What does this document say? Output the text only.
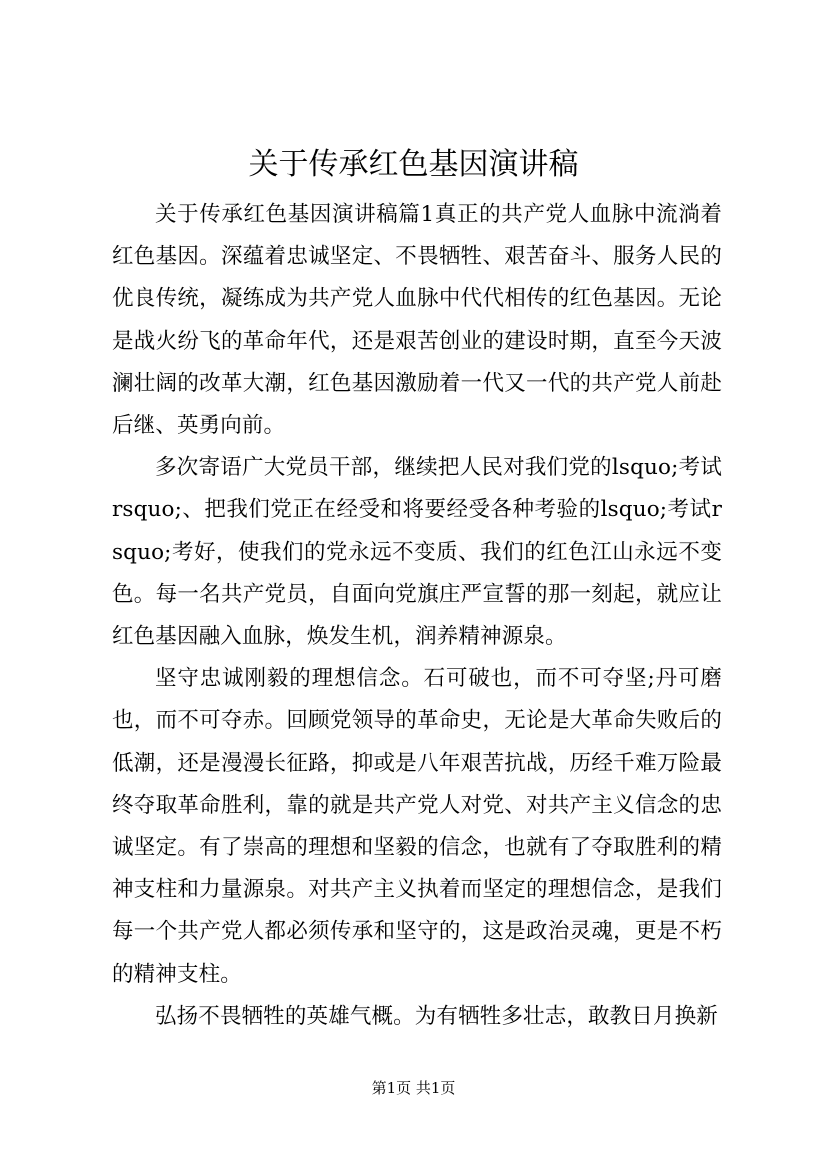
关于传承红色基因演讲稿

关于传承红色基因演讲稿篇1真正的共产党人血脉中流淌着红色基因。深蕴着忠诚坚定、不畏牺牲、艰苦奋斗、服务人民的优良传统，凝练成为共产党人血脉中代代相传的红色基因。无论是战火纷飞的革命年代，还是艰苦创业的建设时期，直至今天波澜壮阔的改革大潮，红色基因激励着一代又一代的共产党人前赴后继、英勇向前。

多次寄语广大党员干部，继续把人民对我们党的lsquo;考试rsquo;、把我们党正在经受和将要经受各种考验的lsquo;考试rsquo;考好，使我们的党永远不变质、我们的红色江山永远不变色。每一名共产党员，自面向党旗庄严宣誓的那一刻起，就应让红色基因融入血脉，焕发生机，润养精神源泉。

坚守忠诚刚毅的理想信念。石可破也，而不可夺坚;丹可磨也，而不可夺赤。回顾党领导的革命史，无论是大革命失败后的低潮，还是漫漫长征路，抑或是八年艰苦抗战，历经千难万险最终夺取革命胜利，靠的就是共产党人对党、对共产主义信念的忠诚坚定。有了崇高的理想和坚毅的信念，也就有了夺取胜利的精神支柱和力量源泉。对共产主义执着而坚定的理想信念，是我们每一个共产党人都必须传承和坚守的，这是政治灵魂，更是不朽的精神支柱。

弘扬不畏牺牲的英雄气概。为有牺牲多壮志，敢教日月换新

第1页 共1页
